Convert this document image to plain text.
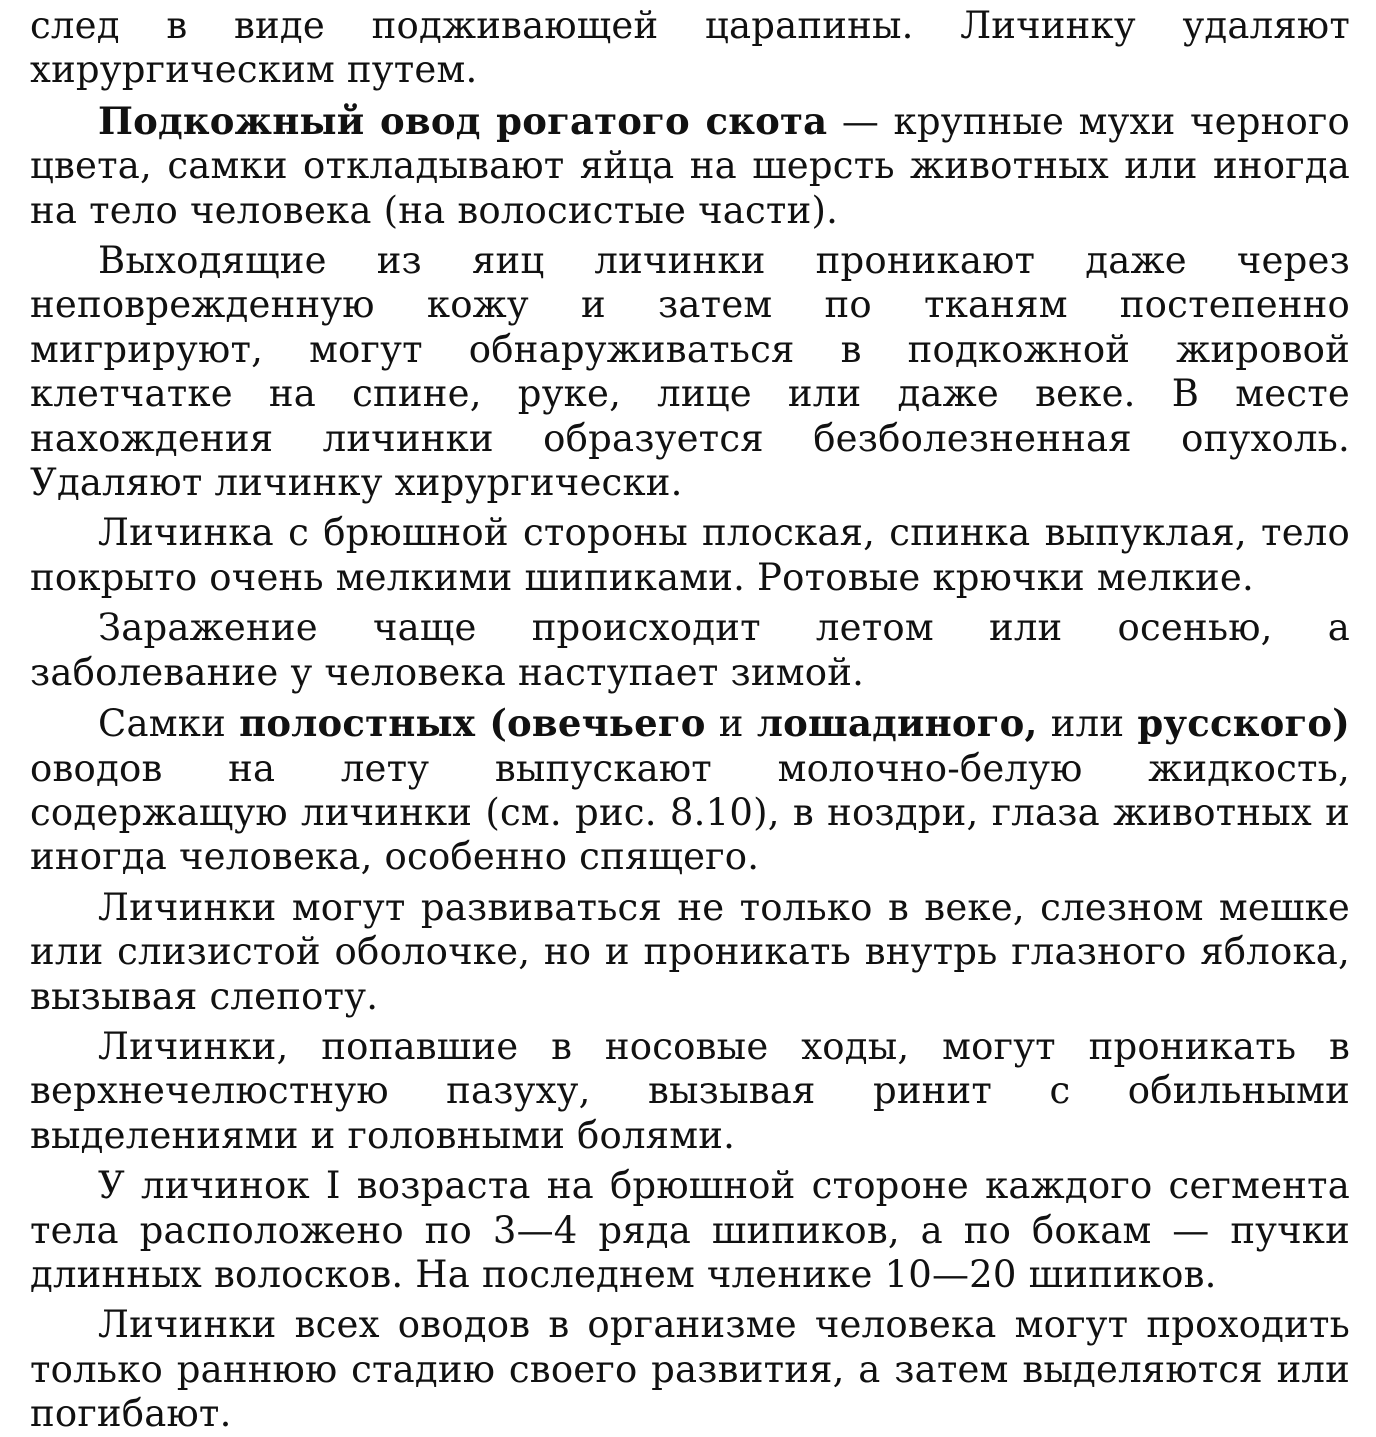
след в виде подживающей царапины. Личинку удаляют хирургическим путем.

Подкожный овод рогатого скота — крупные мухи черного цвета, самки откладывают яйца на шерсть животных или иногда на тело человека (на волосистые части).

Выходящие из яиц личинки проникают даже через неповрежденную кожу и затем по тканям постепенно мигрируют, могут обнаруживаться в подкожной жировой клетчатке на спине, руке, лице или даже веке. В месте нахождения личинки образуется безболезненная опухоль. Удаляют личинку хирургически.

Личинка с брюшной стороны плоская, спинка выпуклая, тело покрыто очень мелкими шипиками. Ротовые крючки мелкие.

Заражение чаще происходит летом или осенью, а заболевание у человека наступает зимой.

Самки полостных (овечьего и лошадиного, или русского) оводов на лету выпускают молочно-белую жидкость, содержащую личинки (см. рис. 8.10), в ноздри, глаза животных и иногда человека, особенно спящего.

Личинки могут развиваться не только в веке, слезном мешке или слизистой оболочке, но и проникать внутрь глазного яблока, вызывая слепоту.

Личинки, попавшие в носовые ходы, могут проникать в верхнечелюстную пазуху, вызывая ринит с обильными выделениями и головными болями.

У личинок I возраста на брюшной стороне каждого сегмента тела расположено по 3—4 ряда шипиков, а по бокам — пучки длинных волосков. На последнем членике 10—20 шипиков.

Личинки всех оводов в организме человека могут проходить только раннюю стадию своего развития, а затем выделяются или погибают.
